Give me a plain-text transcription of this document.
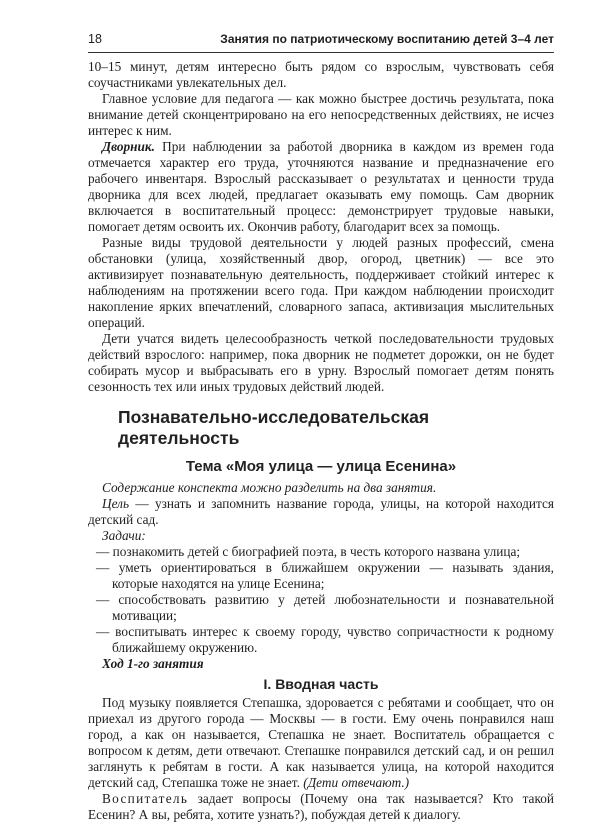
18	Занятия по патриотическому воспитанию детей 3–4 лет

10–15 минут, детям интересно быть рядом со взрослым, чувствовать себя соучастниками увлекательных дел.

Главное условие для педагога — как можно быстрее достичь результата, пока внимание детей сконцентрировано на его непосредственных действиях, не исчез интерес к ним.

Дворник. При наблюдении за работой дворника в каждом из времен года отмечается характер его труда, уточняются название и предназначение его рабочего инвентаря. Взрослый рассказывает о результатах и ценности труда дворника для всех людей, предлагает оказывать ему помощь. Сам дворник включается в воспитательный процесс: демонстрирует трудовые навыки, помогает детям освоить их. Окончив работу, благодарит всех за помощь.

Разные виды трудовой деятельности у людей разных профессий, смена обстановки (улица, хозяйственный двор, огород, цветник) — все это активизирует познавательную деятельность, поддерживает стойкий интерес к наблюдениям на протяжении всего года. При каждом наблюдении происходит накопление ярких впечатлений, словарного запаса, активизация мыслительных операций.

Дети учатся видеть целесообразность четкой последовательности трудовых действий взрослого: например, пока дворник не подметет дорожки, он не будет собирать мусор и выбрасывать его в урну. Взрослый помогает детям понять сезонность тех или иных трудовых действий людей.

Познавательно-исследовательская
деятельность
Тема «Моя улица — улица Есенина»

Содержание конспекта можно разделить на два занятия.

Цель — узнать и запомнить название города, улицы, на которой находится детский сад.

Задачи:

— познакомить детей с биографией поэта, в честь которого названа улица;

— уметь ориентироваться в ближайшем окружении — называть здания, которые находятся на улице Есенина;

— способствовать развитию у детей любознательности и познавательной мотивации;

— воспитывать интерес к своему городу, чувство сопричастности к родному ближайшему окружению.

Ход 1-го занятия

I. Вводная часть

Под музыку появляется Степашка, здоровается с ребятами и сообщает, что он приехал из другого города — Москвы — в гости. Ему очень понравился наш город, а как он называется, Степашка не знает. Воспитатель обращается с вопросом к детям, дети отвечают. Степашке понравился детский сад, и он решил заглянуть к ребятам в гости. А как называется улица, на которой находится детский сад, Степашка тоже не знает. (Дети отвечают.)

Воспитатель задает вопросы (Почему она так называется? Кто такой Есенин? А вы, ребята, хотите узнать?), побуждая детей к диалогу.
